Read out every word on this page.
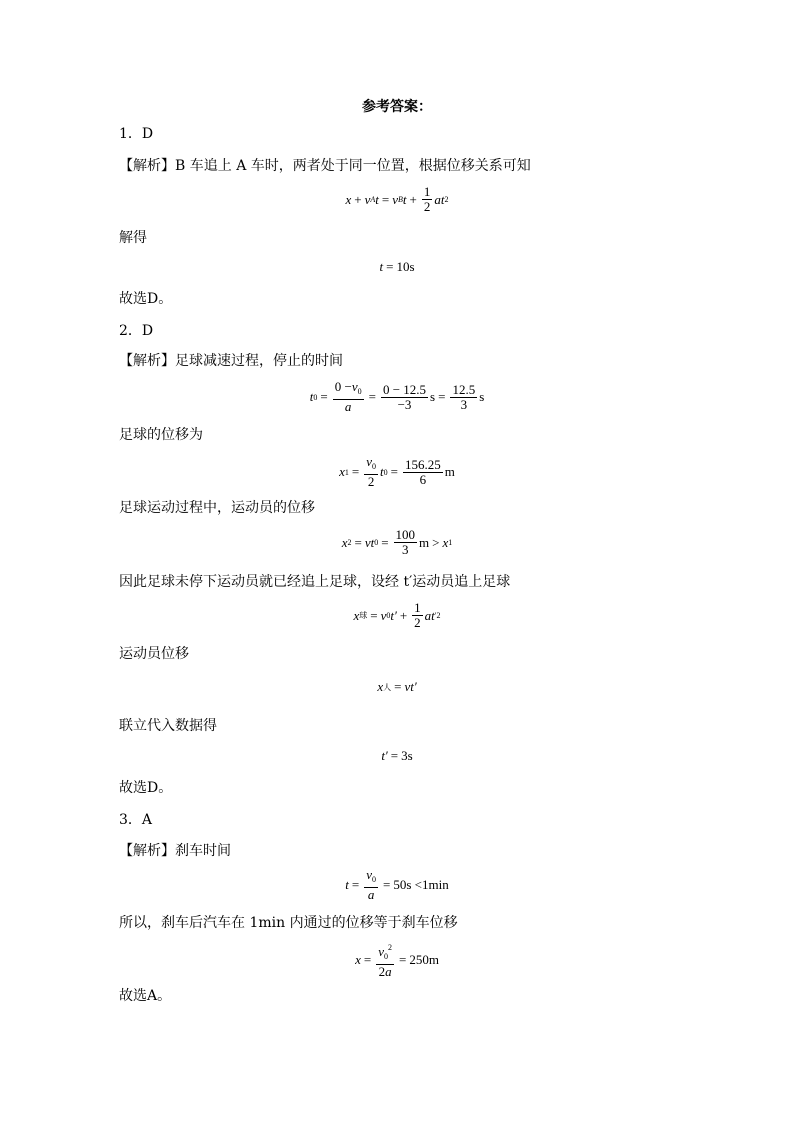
参考答案：
1．D
【解析】B 车追上 A 车时，两者处于同一位置，根据位移关系可知
x + v A t = v B $t + \frac{1}{2}$ at 2
解得
t = 10s
故选D。
2．D
【解析】足球减速过程，停止的时间
t $0 = \frac{0 -v_0}{a} = \frac{0 - 12.5}{-3}$ $s = \frac{12.5}{3}$ s
足球的位移为
x $1 = \frac{v_0}{2}$ t $0 = \frac{156.25}{6}$ m
足球运动过程中，运动员的位移
x 2 = vt $0 = \frac{100}{3}$ m > x 1
因此足球未停下运动员就已经追上足球，设经 t′运动员追上足球
x 球 = v 0 $t' + \frac{1}{2}$ at ′2
运动员位移
x 人 = vt′
联立代入数据得
t′ = 3s
故选D。
3．A
【解析】刹车时间
$t = \frac{v_0}{a} = 50s <1\min$
所以，刹车后汽车在 1min 内通过的位移等于刹车位移
$x = \frac{v_0^2}{2a} = 250m$
故选A。
